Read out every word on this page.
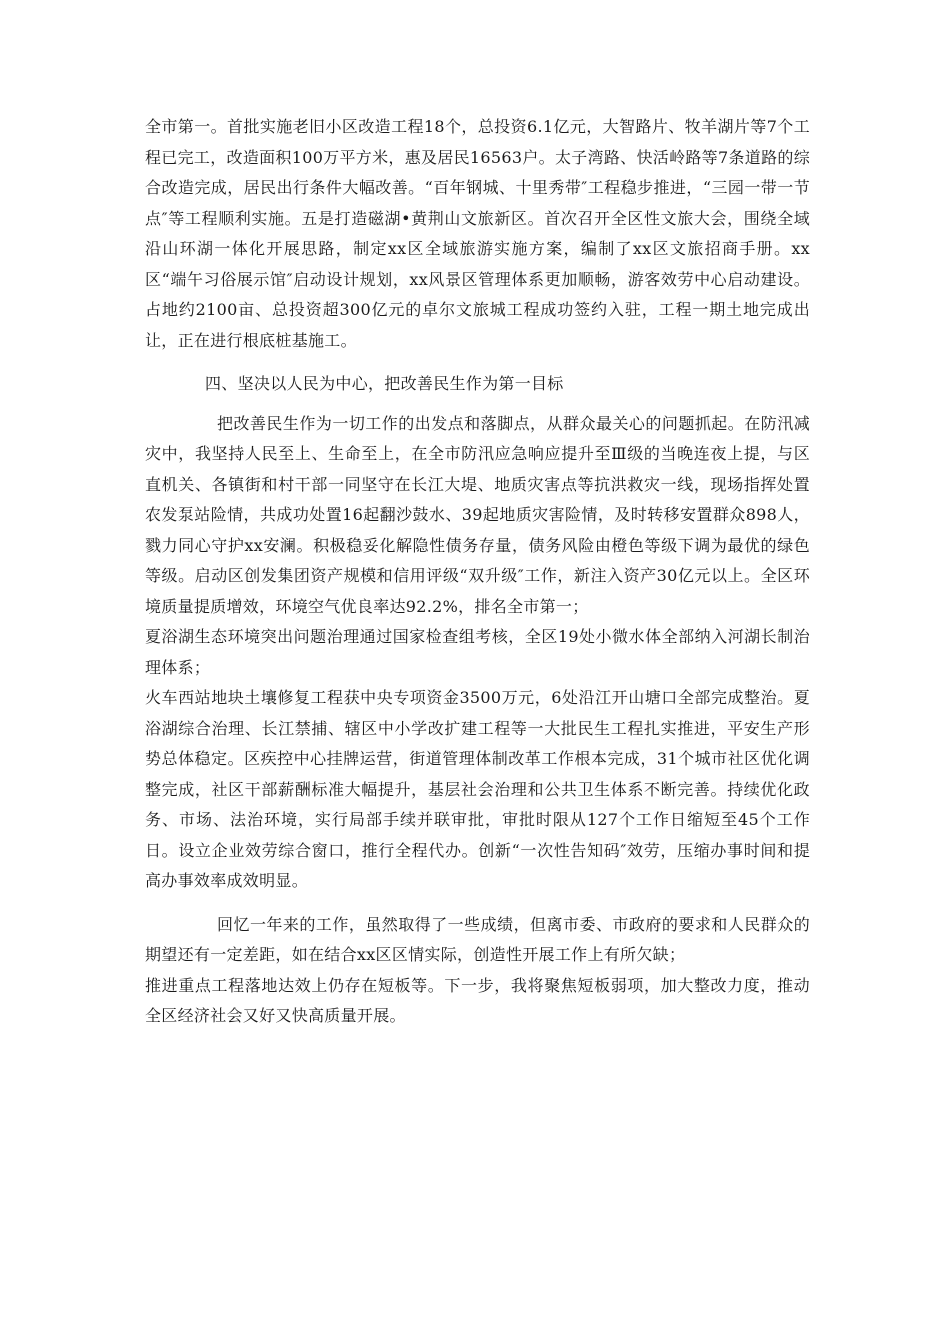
全市第一。首批实施老旧小区改造工程18个，总投资6.1亿元，大智路片、牧羊湖片等7个工程已完工，改造面积100万平方米，惠及居民16563户。太子湾路、快活岭路等7条道路的综合改造完成，居民出行条件大幅改善。“百年钢城、十里秀带″工程稳步推进，“三园一带一节点″等工程顺利实施。五是打造磁湖•黄荆山文旅新区。首次召开全区性文旅大会，围绕全域沿山环湖一体化开展思路，制定xx区全域旅游实施方案，编制了xx区文旅招商手册。xx区“端午习俗展示馆″启动设计规划，xx风景区管理体系更加顺畅，游客效劳中心启动建设。占地约2100亩、总投资超300亿元的卓尔文旅城工程成功签约入驻，工程一期土地完成出让，正在进行根底桩基施工。

四、坚决以人民为中心，把改善民生作为第一目标

把改善民生作为一切工作的出发点和落脚点，从群众最关心的问题抓起。在防汛减灾中，我坚持人民至上、生命至上，在全市防汛应急响应提升至Ⅲ级的当晚连夜上提，与区直机关、各镇街和村干部一同坚守在长江大堤、地质灾害点等抗洪救灾一线，现场指挥处置农发泵站险情，共成功处置16起翻沙鼓水、39起地质灾害险情，及时转移安置群众898人，戮力同心守护xx安澜。积极稳妥化解隐性债务存量，债务风险由橙色等级下调为最优的绿色等级。启动区创发集团资产规模和信用评级“双升级″工作，新注入资产30亿元以上。全区环境质量提质增效，环境空气优良率达92.2%，排名全市第一；

夏浴湖生态环境突出问题治理通过国家检查组考核，全区19处小微水体全部纳入河湖长制治理体系；

火车西站地块土壤修复工程获中央专项资金3500万元，6处沿江开山塘口全部完成整治。夏浴湖综合治理、长江禁捕、辖区中小学改扩建工程等一大批民生工程扎实推进，平安生产形势总体稳定。区疾控中心挂牌运营，街道管理体制改革工作根本完成，31个城市社区优化调整完成，社区干部薪酬标准大幅提升，基层社会治理和公共卫生体系不断完善。持续优化政务、市场、法治环境，实行局部手续并联审批，审批时限从127个工作日缩短至45个工作日。设立企业效劳综合窗口，推行全程代办。创新“一次性告知码″效劳，压缩办事时间和提高办事效率成效明显。

回忆一年来的工作，虽然取得了一些成绩，但离市委、市政府的要求和人民群众的期望还有一定差距，如在结合xx区区情实际，创造性开展工作上有所欠缺；

推进重点工程落地达效上仍存在短板等。下一步，我将聚焦短板弱项，加大整改力度，推动全区经济社会又好又快高质量开展。
